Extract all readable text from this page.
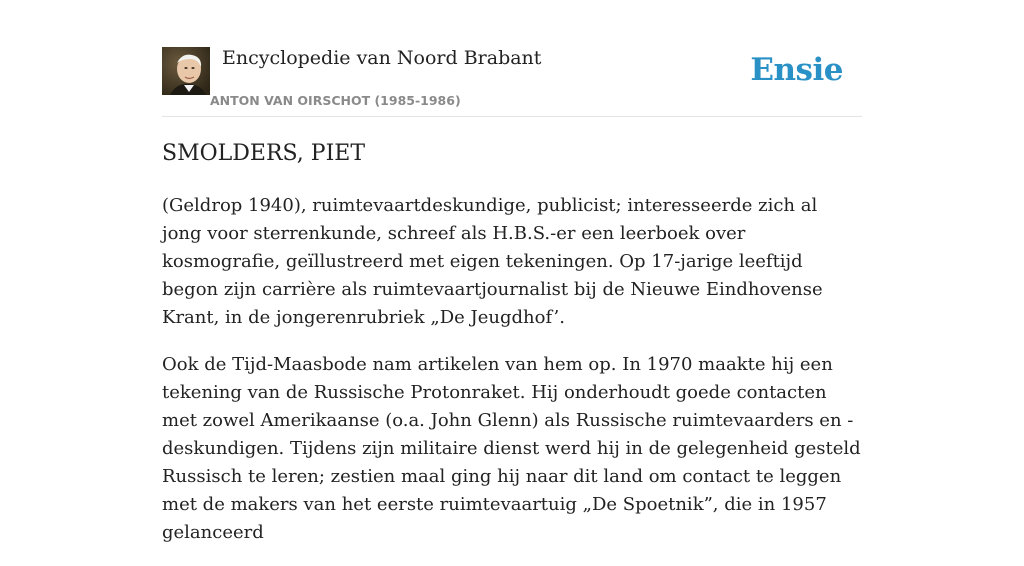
Encyclopedie van Noord Brabant
ANTON VAN OIRSCHOT (1985-1986)
Ensie
SMOLDERS, PIET

(Geldrop 1940), ruimtevaartdeskundige, publicist; interesseerde zich al jong voor sterrenkunde, schreef als H.B.S.-er een leerboek over kosmografie, geïllustreerd met eigen tekeningen. Op 17-jarige leeftijd begon zijn carrière als ruimtevaartjournalist bij de Nieuwe Eindhovense Krant, in de jongerenrubriek „De Jeugdhof’.

Ook de Tijd-Maasbode nam artikelen van hem op. In 1970 maakte hij een tekening van de Russische Protonraket. Hij onderhoudt goede contacten met zowel Amerikaanse (o.a. John Glenn) als Russische ruimtevaarders en -deskundigen. Tijdens zijn militaire dienst werd hij in de gelegenheid gesteld Russisch te leren; zestien maal ging hij naar dit land om contact te leggen met de makers van het eerste ruimtevaartuig „De Spoetnik”, die in 1957 gelanceerd
